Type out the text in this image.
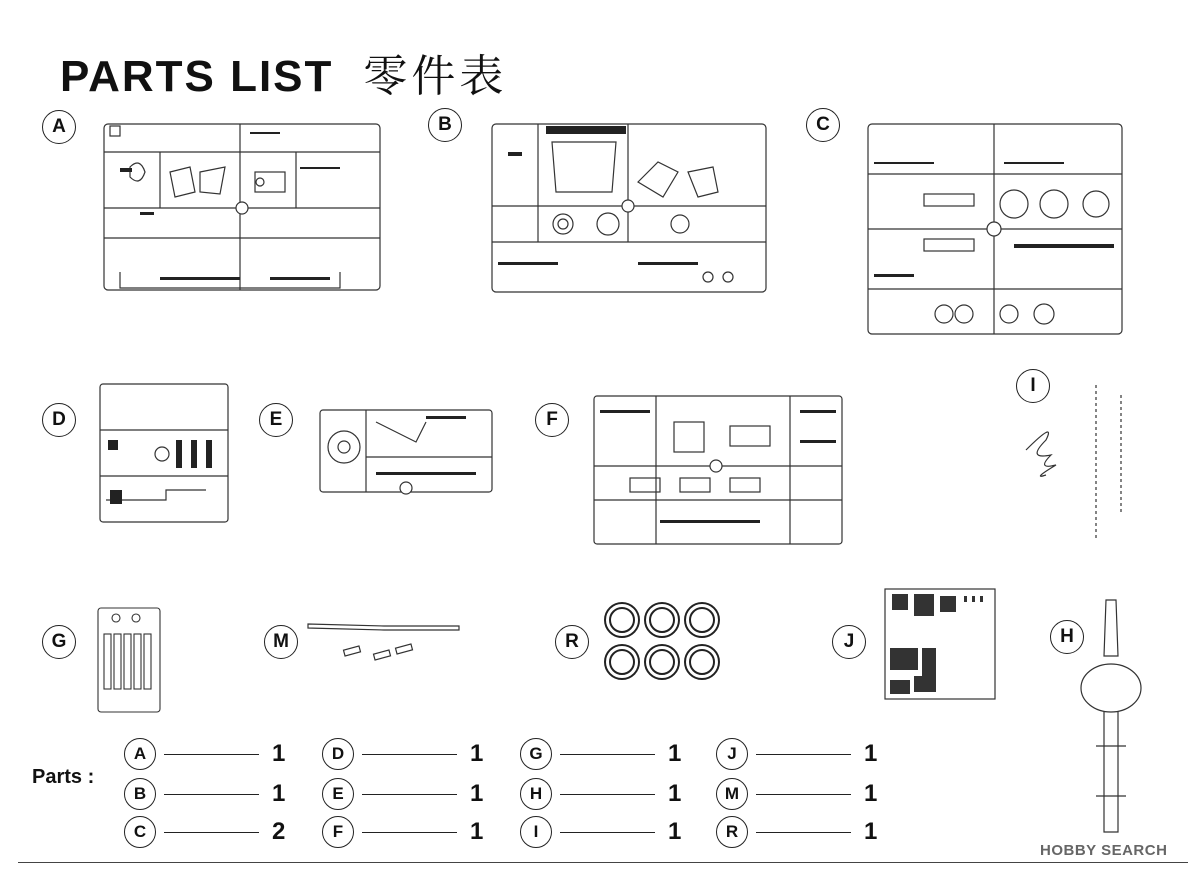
PARTS LIST 零件表
A	B	C
D	E	F
I
G	M	R	J	H
Parts :
A	1
B	1
C	2
D	1
E	1
F	1
G	1
H	1
I	1
J	1
M	1
R	1
HOBBY SEARCH
